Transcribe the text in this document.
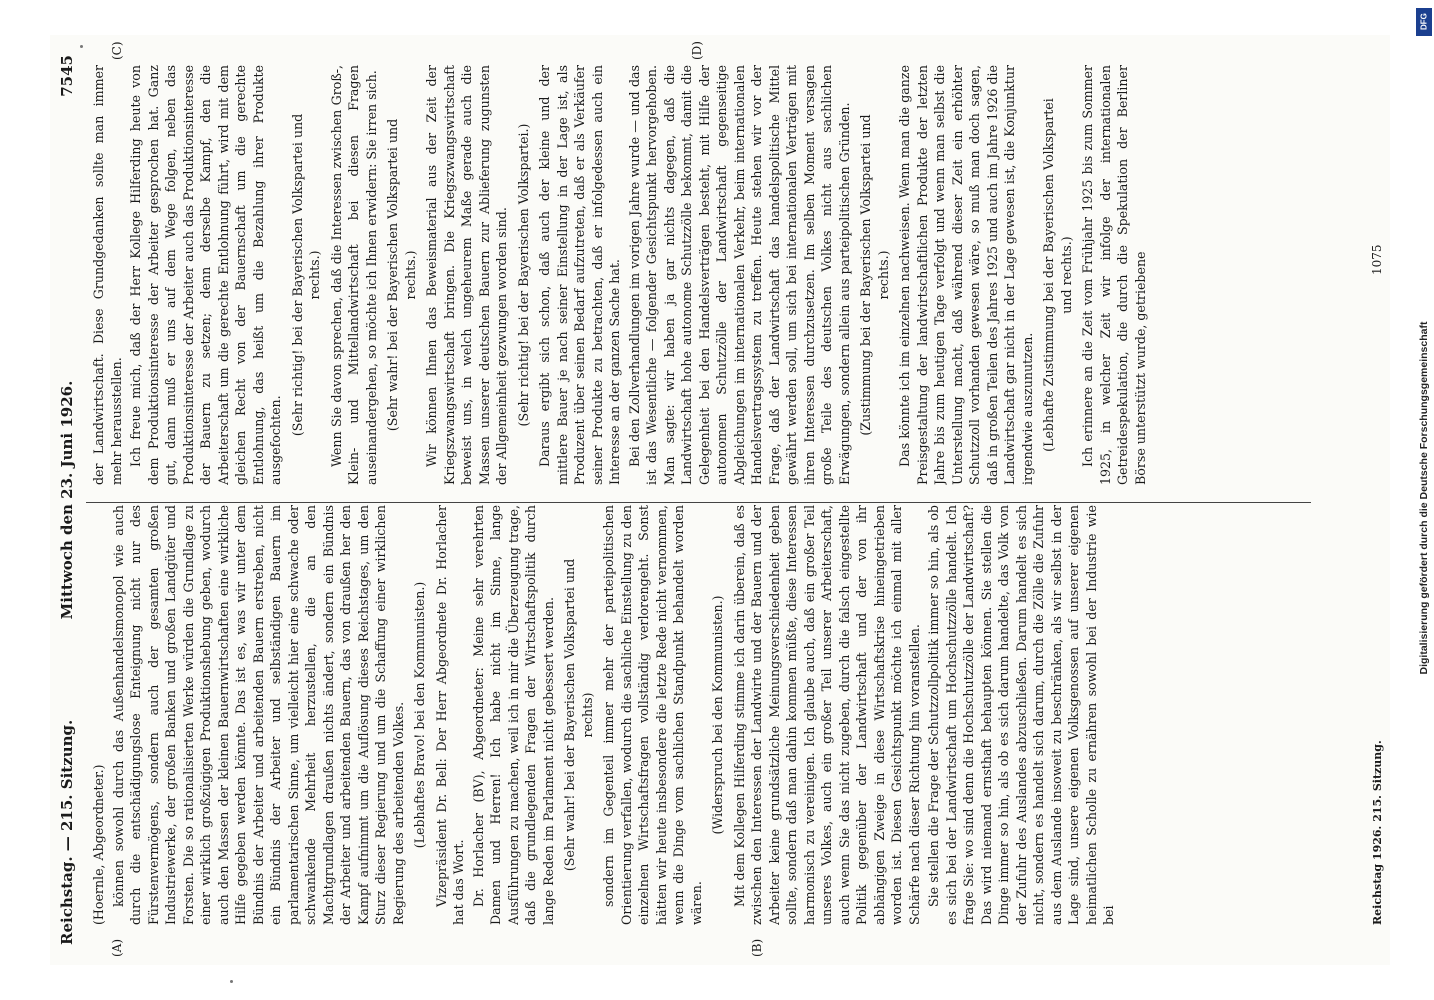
Reichstag. — 215. Sitzung.
Mittwoch den 23. Juni 1926.
7545
(A)	(B)
(C)	(D)

(Hoernle, Abgeordneter.) können sowohl durch das Außenhandelsmonopol wie auch durch die entschädigungslose Enteignung nicht nur des Fürstenvermögens, sondern auch der gesamten großen Industriewerke, der großen Banken und großen Landgüter und Forsten. Die so rationalisierten Werke würden die Grundlage zu einer wirklich großzügigen Produktionshebung geben, wodurch auch den Massen der kleinen Bauernwirtschaften eine wirkliche Hilfe gegeben werden könnte. Das ist es, was wir unter dem Bündnis der Arbeiter und arbeitenden Bauern erstreben, nicht ein Bündnis der Arbeiter und selbständigen Bauern im parlamentarischen Sinne, um vielleicht hier eine schwache oder schwankende Mehrheit herzustellen, die an den Machtgrundlagen draußen nichts ändert, sondern ein Bündnis der Arbeiter und arbeitenden Bauern, das von draußen her den Kampf aufnimmt um die Auflösung dieses Reichstages, um den Sturz dieser Regierung und um die Schaffung einer wirklichen Regierung des arbeitenden Volkes. (Lebhaftes Bravo! bei den Kommunisten.) Vizepräsident Dr. Bell: Der Herr Abgeordnete Dr. Horlacher hat das Wort. Dr. Horlacher (BV), Abgeordneter: Meine sehr verehrten Damen und Herren! Ich habe nicht im Sinne, lange Ausführungen zu machen, weil ich in mir die Überzeugung trage, daß die grundlegenden Fragen der Wirtschaftspolitik durch lange Reden im Parlament nicht gebessert werden. (Sehr wahr! bei der Bayerischen Volkspartei und rechts) sondern im Gegenteil immer mehr der parteipolitischen Orientierung verfallen, wodurch die sachliche Einstellung zu den einzelnen Wirtschaftsfragen vollständig verlorengeht. Sonst hätten wir heute insbesondere die letzte Rede nicht vernommen, wenn die Dinge vom sachlichen Standpunkt behandelt worden wären.

(Widerspruch bei den Kommunisten.) Mit dem Kollegen Hilferding stimme ich darin überein, daß es zwischen den Interessen der Landwirte und der Bauern und der Arbeiter keine grundsätzliche Meinungsverschiedenheit geben sollte, sondern daß man dahin kommen müßte, diese Interessen harmonisch zu vereinigen. Ich glaube auch, daß ein großer Teil unseres Volkes, auch ein großer Teil unserer Arbeiterschaft, auch wenn Sie das nicht zugeben, durch die falsch eingestellte Politik gegenüber der Landwirtschaft und der von ihr abhängigen Zweige in diese Wirtschaftskrise hineingetrieben worden ist. Diesen Gesichtspunkt möchte ich einmal mit aller Schärfe nach dieser Richtung hin voranstellen. Sie stellen die Frage der Schutzzollpolitik immer so hin, als ob es sich bei der Landwirtschaft um Hochschutzzölle handelt. Ich frage Sie: wo sind denn die Hochschutzzölle der Landwirtschaft? Das wird niemand ernsthaft behaupten können. Sie stellen die Dinge immer so hin, als ob es sich darum handelte, das Volk von der Zufuhr des Auslandes abzuschließen. Darum handelt es sich nicht, sondern es handelt sich darum, durch die Zölle die Zufuhr aus dem Auslande insoweit zu beschränken, als wir selbst in der Lage sind, unsere eigenen Volksgenossen auf unserer eigenen heimatlichen Scholle zu ernähren sowohl bei der Industrie wie bei

der Landwirtschaft. Diese Grundgedanken sollte man immer mehr herausstellen. Ich freue mich, daß der Herr Kollege Hilferding heute von dem Produktionsinteresse der Arbeiter gesprochen hat. Ganz gut, dann muß er uns auf dem Wege folgen, neben das Produktionsinteresse der Arbeiter auch das Produktionsinteresse der Bauern zu setzen; denn derselbe Kampf, den die Arbeiterschaft um die gerechte Entlohnung führt, wird mit dem gleichen Recht von der Bauernschaft um die gerechte Entlohnung, das heißt um die Bezahlung ihrer Produkte ausgefochten.

(Sehr richtig! bei der Bayerischen Volkspartei und rechts.) Wenn Sie davon sprechen, daß die Interessen zwischen Groß-, Klein- und Mittellandwirtschaft bei diesen Fragen auseinandergehen, so möchte ich Ihnen erwidern: Sie irren sich. (Sehr wahr! bei der Bayerischen Volkspartei und rechts.) Wir können Ihnen das Beweismaterial aus der Zeit der Kriegszwangswirtschaft bringen. Die Kriegszwangswirtschaft beweist uns, in welch ungeheurem Maße gerade auch die Massen unserer deutschen Bauern zur Ablieferung zugunsten der Allgemeinheit gezwungen worden sind. (Sehr richtig! bei der Bayerischen Volkspartei.) Daraus ergibt sich schon, daß auch der kleine und der mittlere Bauer je nach seiner Einstellung in der Lage ist, als Produzent über seinen Bedarf aufzutreten, daß er als Verkäufer seiner Produkte zu betrachten, daß er infolgedessen auch ein Interesse an der ganzen Sache hat. Bei den Zollverhandlungen im vorigen Jahre wurde — und das ist das Wesentliche — folgender Gesichtspunkt hervorgehoben. Man sagte: wir haben ja gar nichts dagegen, daß die Landwirtschaft hohe autonome Schutzzölle bekommt, damit die Gelegenheit bei den Handelsverträgen besteht, mit Hilfe der autonomen Schutzzölle der Landwirtschaft gegenseitige Abgleichungen im internationalen Verkehr, beim internationalen Handelsvertragssystem zu treffen. Heute stehen wir vor der Frage, daß der Landwirtschaft das handelspolitische Mittel gewährt werden soll, um sich bei internationalen Verträgen mit ihren Interessen durchzusetzen. Im selben Moment versagen große Teile des deutschen Volkes nicht aus sachlichen Erwägungen, sondern allein aus parteipolitischen Gründen. (Zustimmung bei der Bayerischen Volkspartei und rechts.) Das könnte ich im einzelnen nachweisen. Wenn man die ganze Preisgestaltung der landwirtschaftlichen Produkte der letzten Jahre bis zum heutigen Tage verfolgt und wenn man selbst die Unterstellung macht, daß während dieser Zeit ein erhöhter Schutzzoll vorhanden gewesen wäre, so muß man doch sagen, daß in großen Teilen des Jahres 1925 und auch im Jahre 1926 die Landwirtschaft gar nicht in der Lage gewesen ist, die Konjunktur irgendwie auszunutzen. (Lebhafte Zustimmung bei der Bayerischen Volkspartei und rechts.) Ich erinnere an die Zeit vom Frühjahr 1925 bis zum Sommer 1925, in welcher Zeit wir infolge der internationalen Getreidespekulation, die durch die Spekulation der Berliner Börse unterstützt wurde, getriebene

Reichstag 1926. 215. Sitzung.
1075
DFG
Digitalisierung gefördert durch die Deutsche Forschungsgemeinschaft
